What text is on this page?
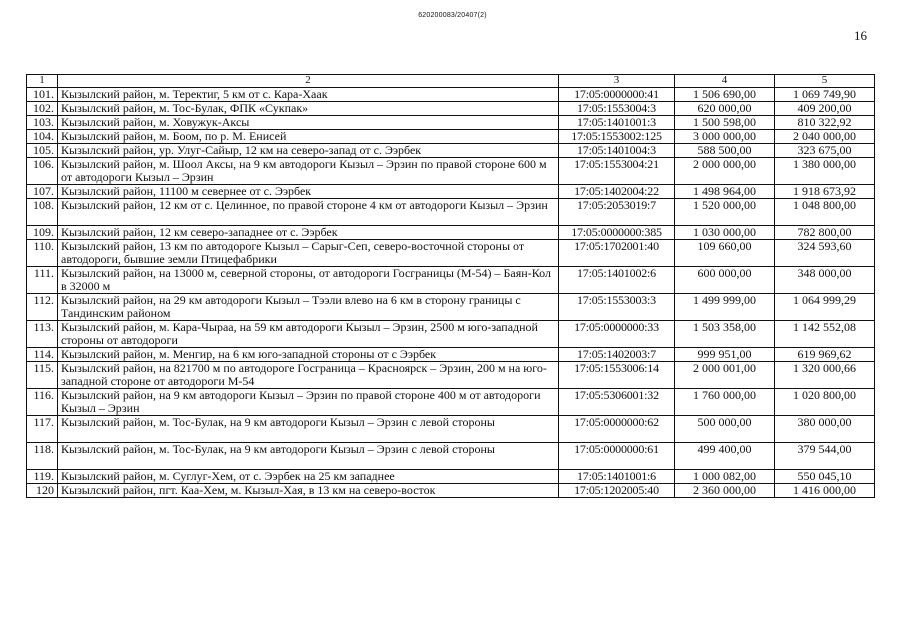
620200083/20407(2)
16
1	2	3	4	5
101.	Кызылский район, м. Теректиг, 5 км от с. Кара-Хаак	17:05:0000000:41	1 506 690,00	1 069 749,90
102.	Кызылский район, м. Тос-Булак, ФПК «Сукпак»	17:05:1553004:3	620 000,00	409 200,00
103.	Кызылский район, м. Ховужук-Аксы	17:05:1401001:3	1 500 598,00	810 322,92
104.	Кызылский район, м. Боом, по р. М. Енисей	17:05:1553002:125	3 000 000,00	2 040 000,00
105.	Кызылский район, ур. Улуг-Сайыр, 12 км на северо-запад от с. Ээрбек	17:05:1401004:3	588 500,00	323 675,00
106.	Кызылский район, м. Шоол Аксы, на 9 км автодороги Кызыл – Эрзин по правой стороне 600 м от автодороги Кызыл – Эрзин	17:05:1553004:21	2 000 000,00	1 380 000,00
107.	Кызылский район, 11100 м севернее от с. Ээрбек	17:05:1402004:22	1 498 964,00	1 918 673,92
108.	Кызылский район, 12 км от с. Целинное, по правой стороне 4 км от автодороги Кызыл – Эрзин	17:05:2053019:7	1 520 000,00	1 048 800,00
109.	Кызылский район, 12 км северо-западнее от с. Ээрбек	17:05:0000000:385	1 030 000,00	782 800,00
110.	Кызылский район, 13 км по автодороге Кызыл – Сарыг-Сеп, северо-восточной стороны от автодороги, бывшие земли Птицефабрики	17:05:1702001:40	109 660,00	324 593,60
111.	Кызылский район, на 13000 м, северной стороны, от автодороги Госграницы (М-54) – Баян-Кол в 32000 м	17:05:1401002:6	600 000,00	348 000,00
112.	Кызылский район, на 29 км автодороги Кызыл – Тээли влево на 6 км в сторону границы с Тандинским районом	17:05:1553003:3	1 499 999,00	1 064 999,29
113.	Кызылский район, м. Кара-Чыраа, на 59 км автодороги Кызыл – Эрзин, 2500 м юго-западной стороны от автодороги	17:05:0000000:33	1 503 358,00	1 142 552,08
114.	Кызылский район, м. Менгир, на 6 км юго-западной стороны от с Ээрбек	17:05:1402003:7	999 951,00	619 969,62
115.	Кызылский район, на 821700 м по автодороге Госграница – Красноярск – Эрзин, 200 м на юго-западной стороне от автодороги М-54	17:05:1553006:14	2 000 001,00	1 320 000,66
116.	Кызылский район, на 9 км автодороги Кызыл – Эрзин по правой стороне 400 м от автодороги Кызыл – Эрзин	17:05:5306001:32	1 760 000,00	1 020 800,00
117.	Кызылский район, м. Тос-Булак, на 9 км автодороги Кызыл – Эрзин с левой стороны	17:05:0000000:62	500 000,00	380 000,00
118.	Кызылский район, м. Тос-Булак, на 9 км автодороги Кызыл – Эрзин с левой стороны	17:05:0000000:61	499 400,00	379 544,00
119.	Кызылский район, м. Суглуг-Хем, от с. Ээрбек на 25 км западнее	17:05:1401001:6	1 000 082,00	550 045,10
120	Кызылский район, пгт. Каа-Хем, м. Кызыл-Хая, в 13 км на северо-восток	17:05:1202005:40	2 360 000,00	1 416 000,00
